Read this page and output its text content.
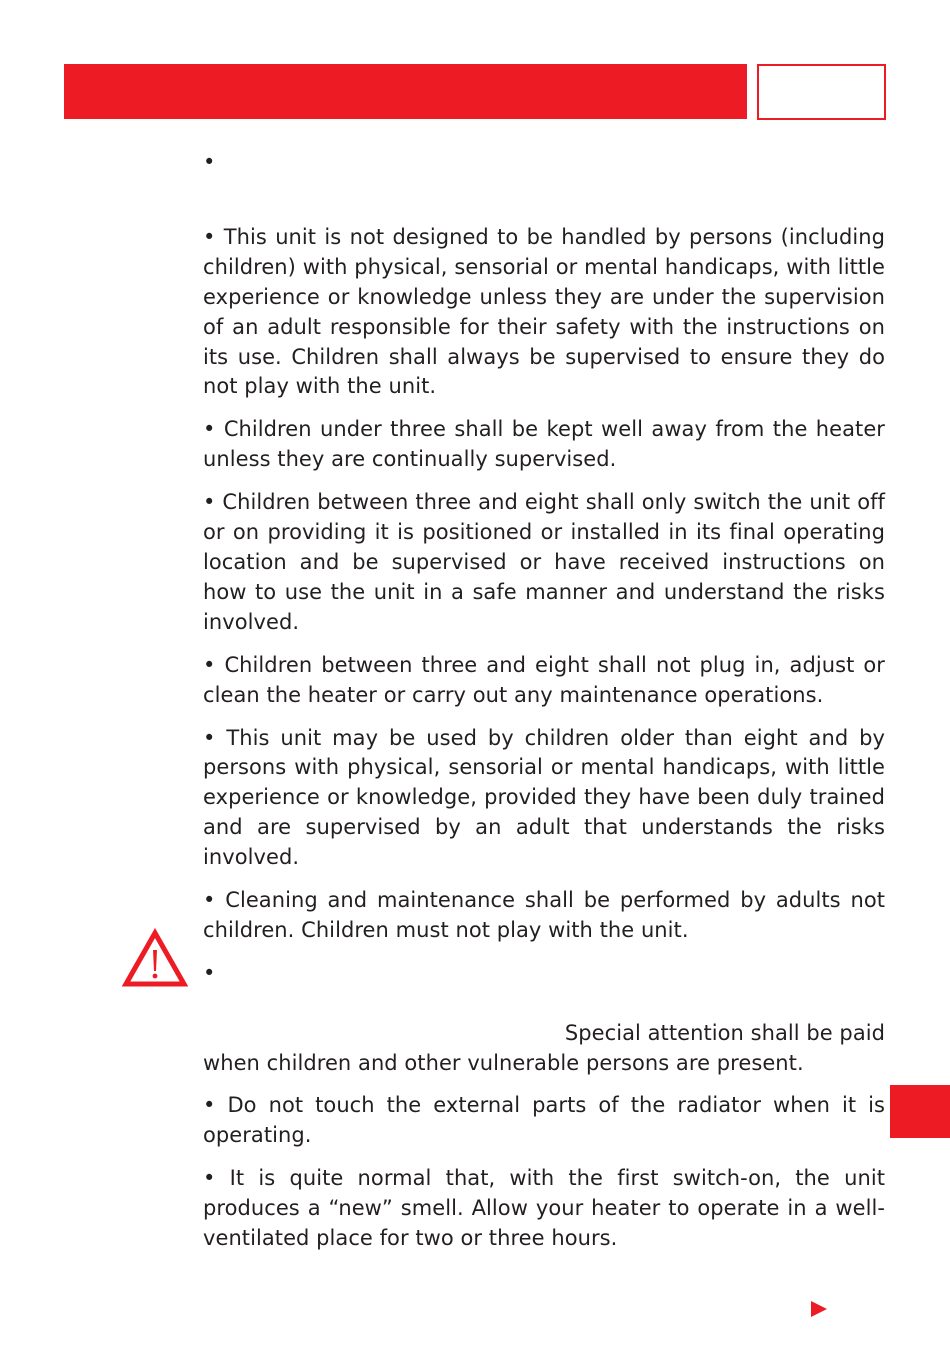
•

• This unit is not designed to be handled by persons (including children) with physical, sensorial or mental handicaps, with little experience or knowledge unless they are under the supervision of an adult responsible for their safety with the instructions on its use. Children shall always be supervised to ensure they do not play with the unit.

• Children under three shall be kept well away from the heater unless they are continually supervised.

• Children between three and eight shall only switch the unit off or on providing it is positioned or installed in its final operating location and be supervised or have received instructions on how to use the unit in a safe manner and understand the risks involved.

• Children between three and eight shall not plug in, adjust or clean the heater or carry out any maintenance operations.

• This unit may be used by children older than eight and by persons with physical, sensorial or mental handicaps, with little experience or knowledge, provided they have been duly trained and are supervised by an adult that understands the risks involved.

• Cleaning and maintenance shall be performed by adults not children. Children must not play with the unit.

•
Special attention shall be paid
when children and other vulnerable persons are present.

• Do not touch the external parts of the radiator when it is operating.

• It is quite normal that, with the first switch-on, the unit produces a “new” smell. Allow your heater to operate in a well-ventilated place for two or three hours.
